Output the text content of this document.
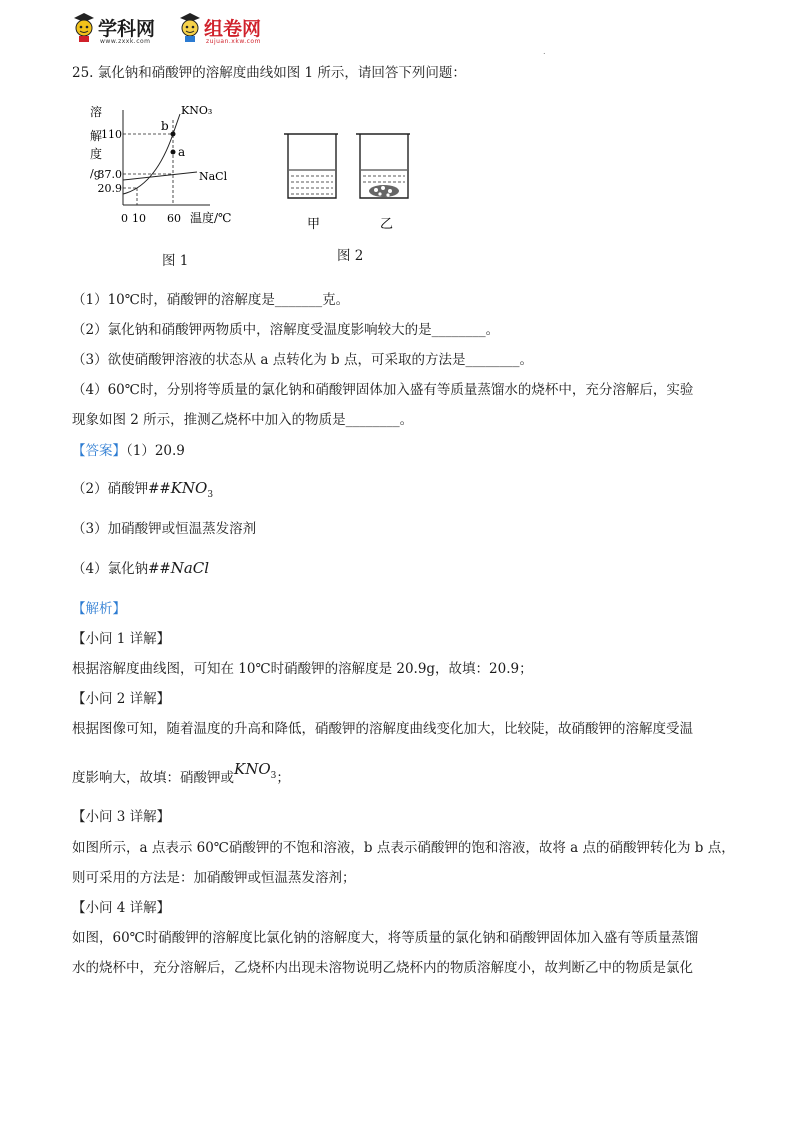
学科网
www.zxxk.com
组卷网
zujuan.xkw.com
.
25. 氯化钠和硝酸钾的溶解度曲线如图 1 所示，请回答下列问题：
溶
解
度
/g
110
37.0
20.9
b
a
KNO₃
NaCl
0 10 60 温度/℃
图 1
甲	乙
图 2
（1）10℃时，硝酸钾的溶解度是_______克。
（2）氯化钠和硝酸钾两物质中，溶解度受温度影响较大的是________。
（3）欲使硝酸钾溶液的状态从 a 点转化为 b 点，可采取的方法是________。
（4）60℃时，分别将等质量的氯化钠和硝酸钾固体加入盛有等质量蒸馏水的烧杯中，充分溶解后，实验
现象如图 2 所示，推测乙烧杯中加入的物质是________。
【答案】（1）20.9
（2）硝酸钾$\#\#KNO_3$
（3）加硝酸钾或恒温蒸发溶剂
（4）氯化钠##NaCl
【解析】
【小问 1 详解】
根据溶解度曲线图，可知在 10℃时硝酸钾的溶解度是 20.9g，故填：20.9；
【小问 2 详解】
根据图像可知，随着温度的升高和降低，硝酸钾的溶解度曲线变化加大，比较陡，故硝酸钾的溶解度受温
度影响大，故填：硝酸钾或$KNO_3$；
【小问 3 详解】
如图所示，a 点表示 60℃硝酸钾的不饱和溶液，b 点表示硝酸钾的饱和溶液，故将 a 点的硝酸钾转化为 b 点，
则可采用的方法是：加硝酸钾或恒温蒸发溶剂；
【小问 4 详解】
如图，60℃时硝酸钾的溶解度比氯化钠的溶解度大，将等质量的氯化钠和硝酸钾固体加入盛有等质量蒸馏
水的烧杯中，充分溶解后，乙烧杯内出现未溶物说明乙烧杯内的物质溶解度小，故判断乙中的物质是氯化
